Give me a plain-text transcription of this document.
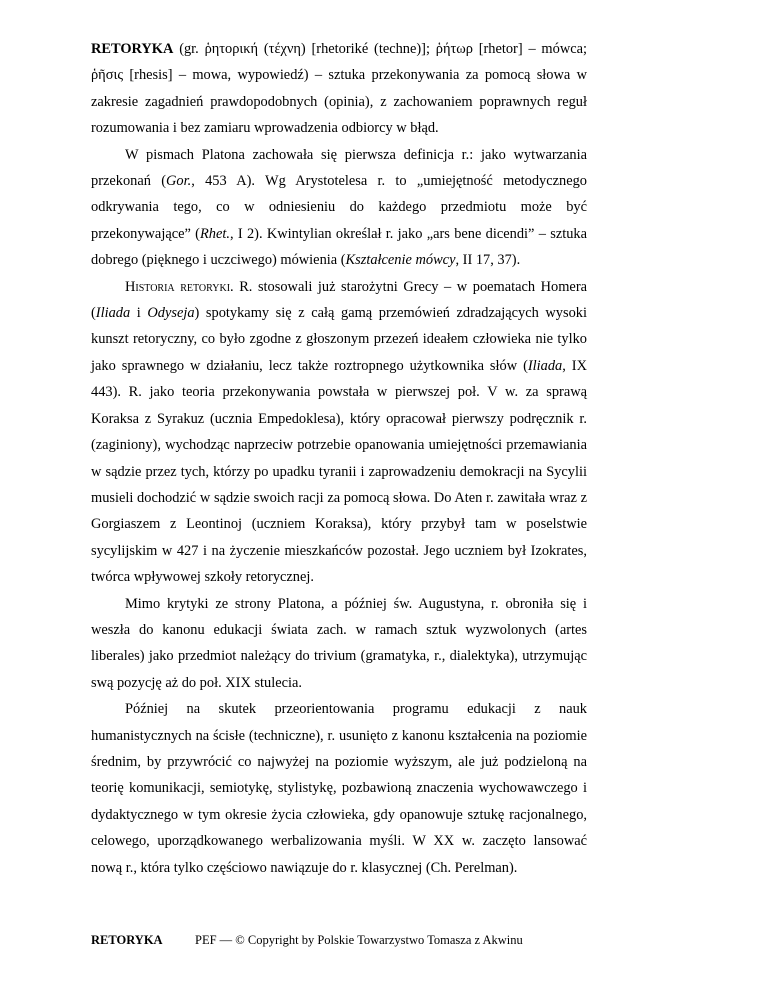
RETORYKA (gr. ῥητορική (τέχνη) [rhetoriké (techne)]; ῥήτωρ [rhetor] – mówca; ῥῆσις [rhesis] – mowa, wypowiedź) – sztuka przekonywania za pomocą słowa w zakresie zagadnień prawdopodobnych (opinia), z zachowaniem poprawnych reguł rozumowania i bez zamiaru wprowadzenia odbiorcy w błąd.

W pismach Platona zachowała się pierwsza definicja r.: jako wytwarzania przekonań (Gor., 453 A). Wg Arystotelesa r. to „umiejętność metodycznego odkrywania tego, co w odniesieniu do każdego przedmiotu może być przekonywające” (Rhet., I 2). Kwintylian określał r. jako „ars bene dicendi” – sztuka dobrego (pięknego i uczciwego) mówienia (Kształcenie mówcy, II 17, 37).

Historia retoryki. R. stosowali już starożytni Grecy – w poematach Homera (Iliada i Odyseja) spotykamy się z całą gamą przemówień zdradzających wysoki kunszt retoryczny, co było zgodne z głoszonym przezeń ideałem człowieka nie tylko jako sprawnego w działaniu, lecz także roztropnego użytkownika słów (Iliada, IX 443). R. jako teoria przekonywania powstała w pierwszej poł. V w. za sprawą Koraksa z Syrakuz (ucznia Empedoklesa), który opracował pierwszy podręcznik r. (zaginiony), wychodząc naprzeciw potrzebie opanowania umiejętności przemawiania w sądzie przez tych, którzy po upadku tyranii i zaprowadzeniu demokracji na Sycylii musieli dochodzić w sądzie swoich racji za pomocą słowa. Do Aten r. zawitała wraz z Gorgiaszem z Leontinoj (uczniem Koraksa), który przybył tam w poselstwie sycylijskim w 427 i na życzenie mieszkańców pozostał. Jego uczniem był Izokrates, twórca wpływowej szkoły retorycznej.

Mimo krytyki ze strony Platona, a później św. Augustyna, r. obroniła się i weszła do kanonu edukacji świata zach. w ramach sztuk wyzwolonych (artes liberales) jako przedmiot należący do trivium (gramatyka, r., dialektyka), utrzymując swą pozycję aż do poł. XIX stulecia.

Później na skutek przeorientowania programu edukacji z nauk humanistycznych na ścisłe (techniczne), r. usunięto z kanonu kształcenia na poziomie średnim, by przywrócić co najwyżej na poziomie wyższym, ale już podzieloną na teorię komunikacji, semiotykę, stylistykę, pozbawioną znaczenia wychowawczego i dydaktycznego w tym okresie życia człowieka, gdy opanowuje sztukę racjonalnego, celowego, uporządkowanego werbalizowania myśli. W XX w. zaczęto lansować nową r., która tylko częściowo nawiązuje do r. klasycznej (Ch. Perelman).

RETORYKA	PEF — © Copyright by Polskie Towarzystwo Tomasza z Akwinu
